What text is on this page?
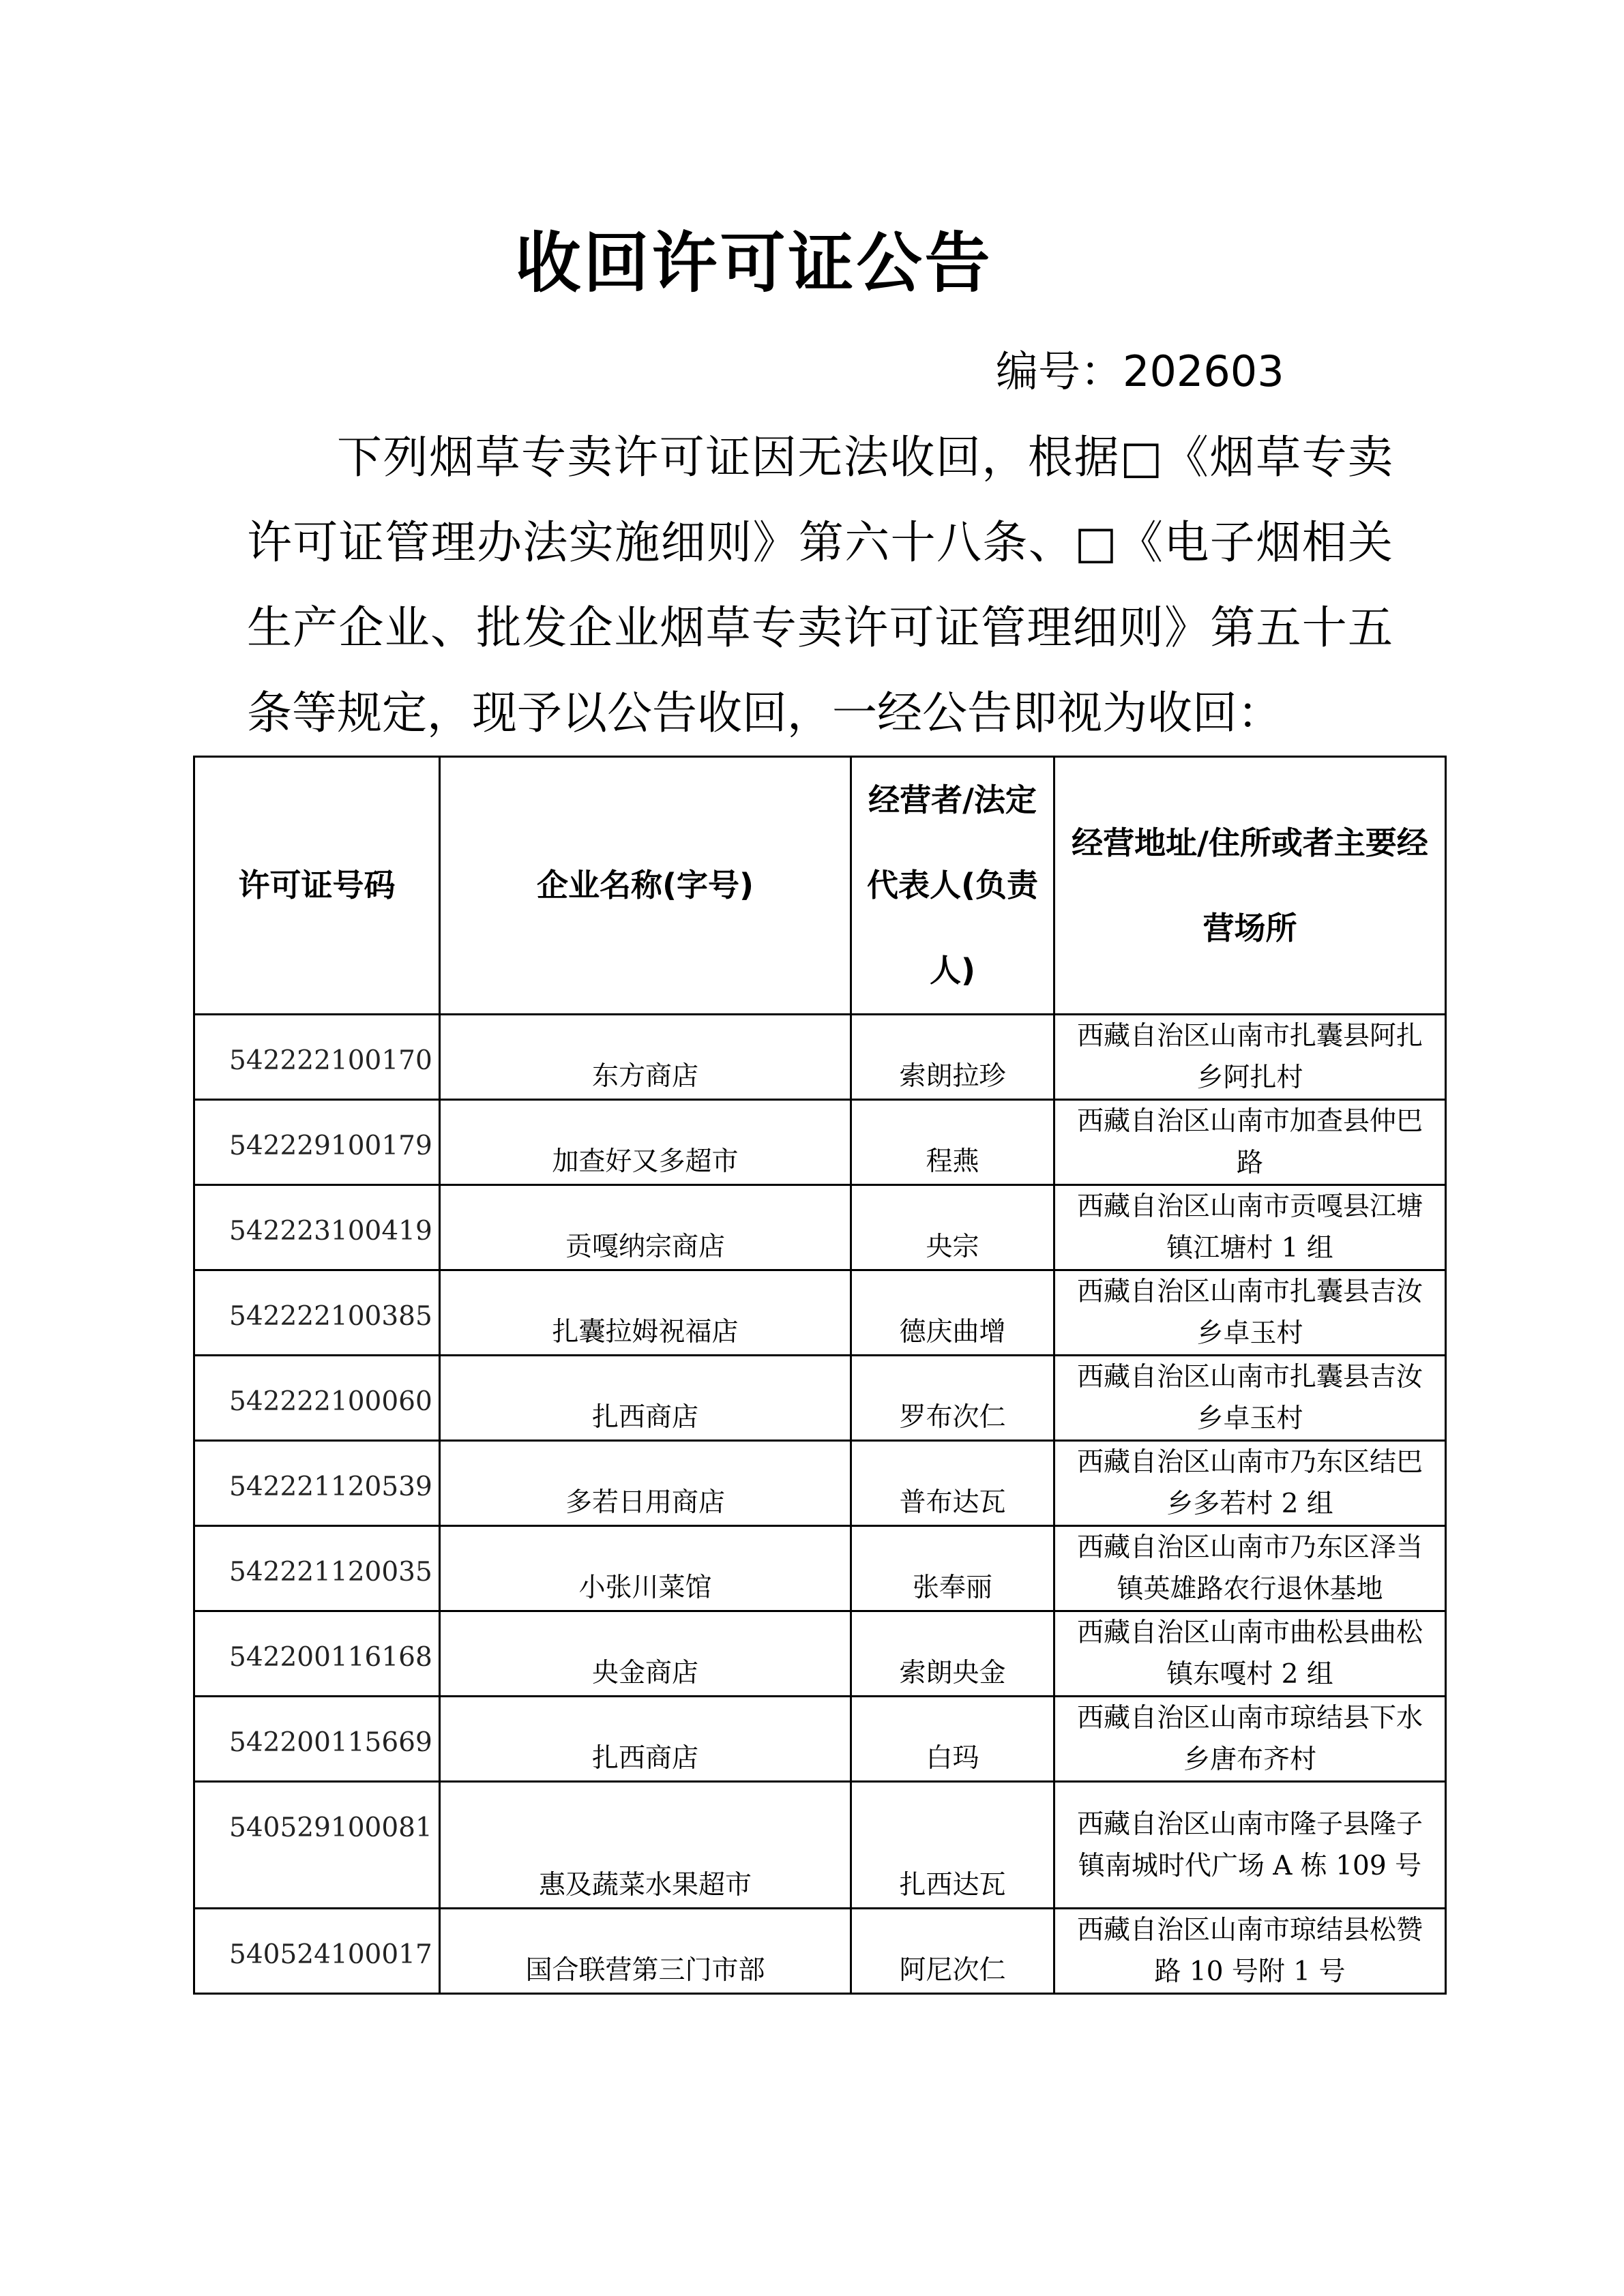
收回许可证公告
编号：202603

下列烟草专卖许可证因无法收回，根据□《烟草专卖许可证管理办法实施细则》第六十八条、□《电子烟相关生产企业、批发企业烟草专卖许可证管理细则》第五十五条等规定，现予以公告收回，一经公告即视为收回：

许可证号码	企业名称(字号)	经营者/法定代表人(负责人)	经营地址/住所或者主要经营场所
542222100170	东方商店	索朗拉珍	西藏自治区山南市扎囊县阿扎乡阿扎村
542229100179	加查好又多超市	程燕	西藏自治区山南市加查县仲巴路
542223100419	贡嘎纳宗商店	央宗	西藏自治区山南市贡嘎县江塘镇江塘村 1 组
542222100385	扎囊拉姆祝福店	德庆曲增	西藏自治区山南市扎囊县吉汝乡卓玉村
542222100060	扎西商店	罗布次仁	西藏自治区山南市扎囊县吉汝乡卓玉村
542221120539	多若日用商店	普布达瓦	西藏自治区山南市乃东区结巴乡多若村 2 组
542221120035	小张川菜馆	张奉丽	西藏自治区山南市乃东区泽当镇英雄路农行退休基地
542200116168	央金商店	索朗央金	西藏自治区山南市曲松县曲松镇东嘎村 2 组
542200115669	扎西商店	白玛	西藏自治区山南市琼结县下水乡唐布齐村
540529100081	惠及蔬菜水果超市	扎西达瓦	西藏自治区山南市隆子县隆子镇南城时代广场 A 栋 109 号
540524100017	国合联营第三门市部	阿尼次仁	西藏自治区山南市琼结县松赞路 10 号附 1 号
